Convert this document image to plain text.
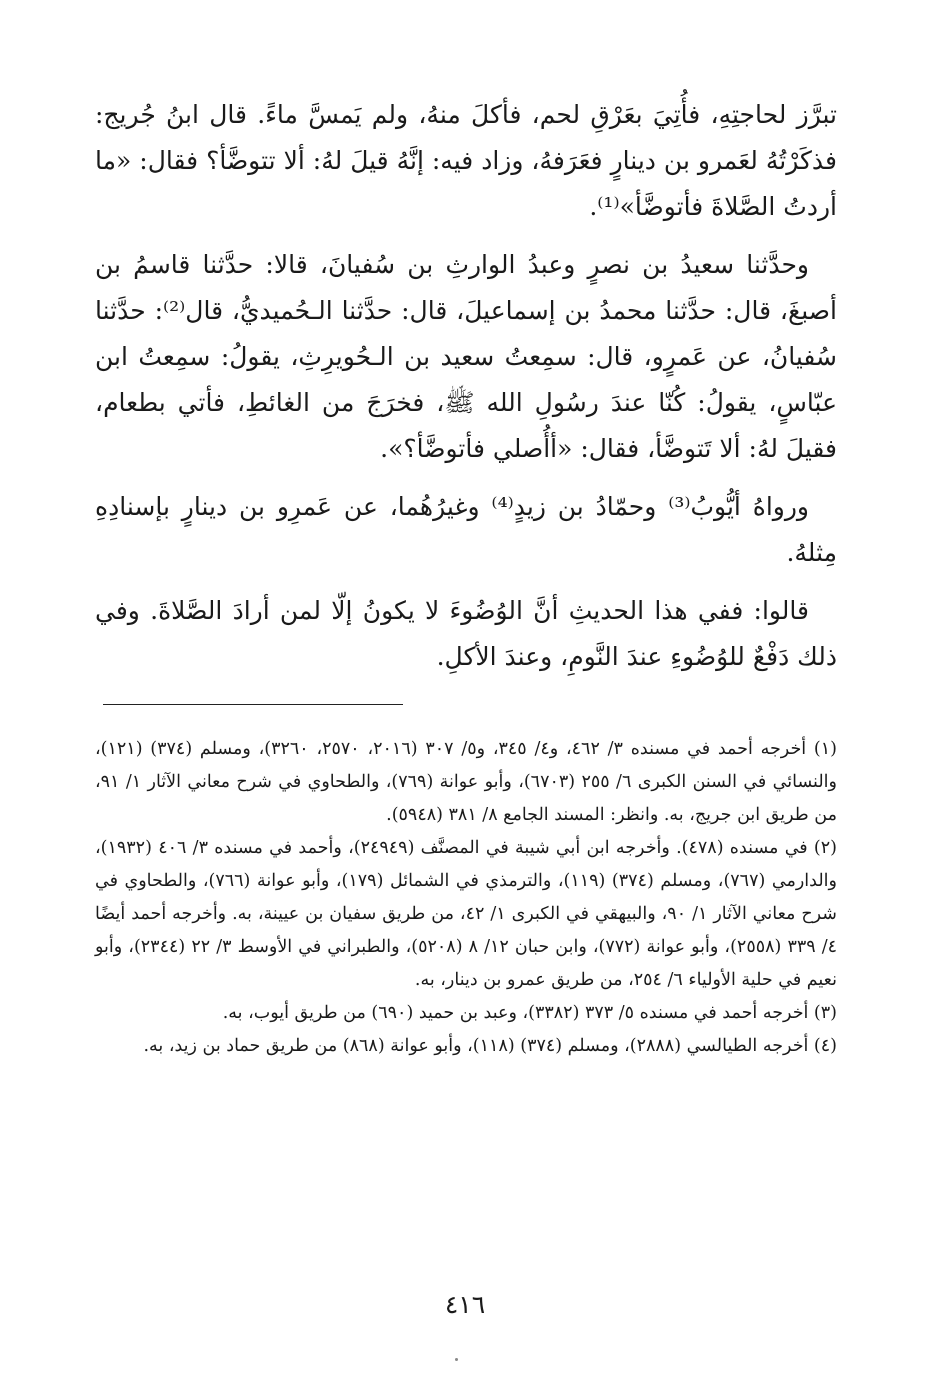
تبرَّز لحاجتِهِ، فأُتِيَ بعَرْقِ لحم، فأكلَ منهُ، ولم يَمسَّ ماءً. قال ابنُ جُريج: فذكَرْتُهُ لعَمرو بن دينارٍ فعَرَفهُ، وزاد فيه: إنَّهُ قيلَ لهُ: ألا تتوضَّأ؟ فقال: «ما أردتُ الصَّلاةَ فأتوضَّأ»⁽¹⁾.

وحدَّثنا سعيدُ بن نصرٍ وعبدُ الوارثِ بن سُفيانَ، قالا: حدَّثنا قاسمُ بن أصبغَ، قال: حدَّثنا محمدُ بن إسماعيلَ، قال: حدَّثنا الـحُميديُّ، قال⁽²⁾: حدَّثنا سُفيانُ، عن عَمرٍو، قال: سمِعتُ سعيد بن الـحُويرِثِ، يقولُ: سمِعتُ ابن عبّاسٍ، يقولُ: كُنّا عندَ رسُولِ الله ﷺ، فخرَجَ من الغائطِ، فأتي بطعام، فقيلَ لهُ: ألا تَتوضَّأ، فقال: «أأُصلي فأتوضَّأ؟».

ورواهُ أيُّوبُ⁽³⁾ وحمّادُ بن زيدٍ⁽⁴⁾ وغيرُهُما، عن عَمرِو بن دينارٍ بإسنادِهِ مِثلهُ.

قالوا: ففي هذا الحديثِ أنَّ الوُضُوءَ لا يكونُ إلّا لمن أرادَ الصَّلاةَ. وفي ذلك دَفْعٌ للوُضُوءِ عندَ النَّومِ، وعندَ الأكلِ.

(١) أخرجه أحمد في مسنده ٣/ ٤٦٢، و٤/ ٣٤٥، و٥/ ٣٠٧ (٢٠١٦، ٢٥٧٠، ٣٢٦٠)، ومسلم (٣٧٤) (١٢١)، والنسائي في السنن الكبرى ٦/ ٢٥٥ (٦٧٠٣)، وأبو عوانة (٧٦٩)، والطحاوي في شرح معاني الآثار ١/ ٩١، من طريق ابن جريج، به. وانظر: المسند الجامع ٨/ ٣٨١ (٥٩٤٨).

(٢) في مسنده (٤٧٨). وأخرجه ابن أبي شيبة في المصنَّف (٢٤٩٤٩)، وأحمد في مسنده ٣/ ٤٠٦ (١٩٣٢)، والدارمي (٧٦٧)، ومسلم (٣٧٤) (١١٩)، والترمذي في الشمائل (١٧٩)، وأبو عوانة (٧٦٦)، والطحاوي في شرح معاني الآثار ١/ ٩٠، والبيهقي في الكبرى ١/ ٤٢، من طريق سفيان بن عيينة، به. وأخرجه أحمد أيضًا ٤/ ٣٣٩ (٢٥٥٨)، وأبو عوانة (٧٧٢)، وابن حبان ١٢/ ٨ (٥٢٠٨)، والطبراني في الأوسط ٣/ ٢٢ (٢٣٤٤)، وأبو نعيم في حلية الأولياء ٦/ ٢٥٤، من طريق عمرو بن دينار، به.

(٣) أخرجه أحمد في مسنده ٥/ ٣٧٣ (٣٣٨٢)، وعبد بن حميد (٦٩٠) من طريق أيوب، به.

(٤) أخرجه الطيالسي (٢٨٨٨)، ومسلم (٣٧٤) (١١٨)، وأبو عوانة (٨٦٨) من طريق حماد بن زيد، به.

٤١٦
